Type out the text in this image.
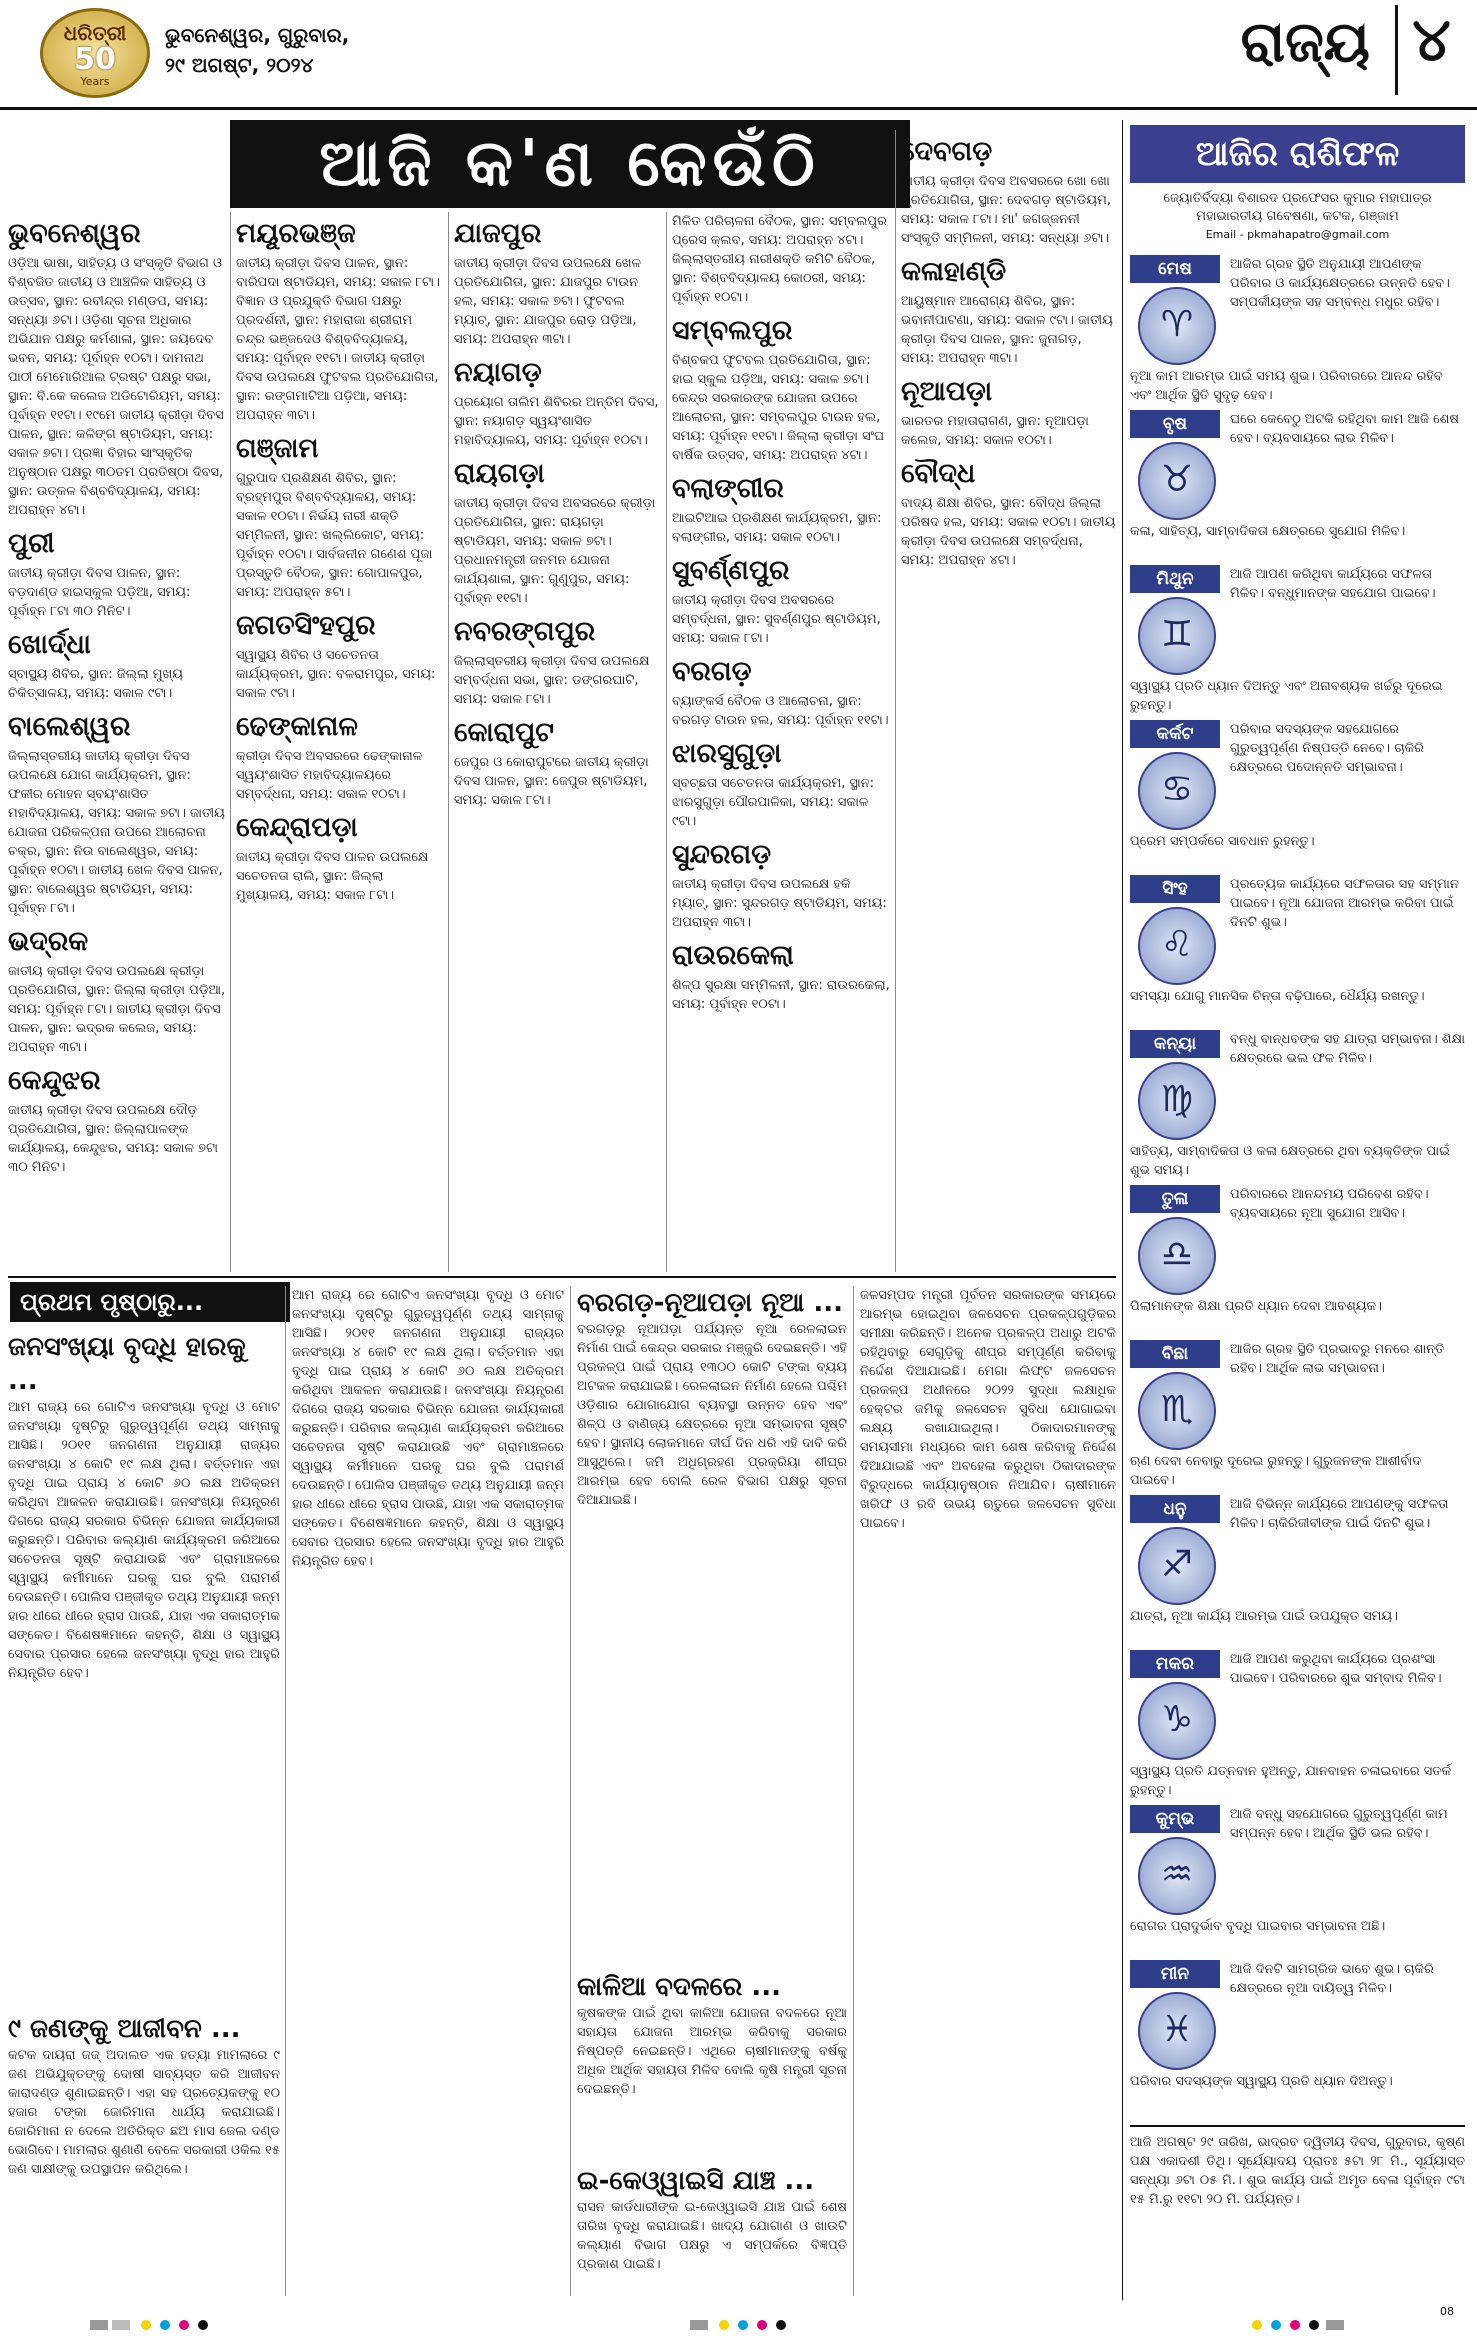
ଧରିତ୍ରୀ
50
Years
ଭୁବନେଶ୍ୱର, ଗୁରୁବାର,
୨୯ ଅଗଷ୍ଟ, ୨୦୨୪	ରାଜ୍ୟ ୪
ଆଜି କ'ଣ କେଉଁଠି
ଭୁବନେଶ୍ୱର

ଓଡ଼ିଆ ଭାଷା, ସାହିତ୍ୟ ଓ ସଂସ୍କୃତି ବିଭାଗ ଓ ବିଶ୍ବଜିତ ଜାତୀୟ ଓ ଆଞ୍ଚଳିକ ସାହିତ୍ୟ ଓ ଉତ୍ସବ, ସ୍ଥାନ: ରବୀନ୍ଦ୍ର ମଣ୍ଡପ, ସମୟ: ସନ୍ଧ୍ୟା ୬ଟା। ଓଡ଼ିଶା ସୂଚନା ଅଧିକାର ଅଭିଯାନ ପକ୍ଷରୁ କର୍ମଶାଳା, ସ୍ଥାନ: ଜୟଦେବ ଭବନ, ସମୟ: ପୂର୍ବାହ୍ନ ୧୦ଟା। ଦାମନାଥ ପାଠୀ ମେମୋରିଆଲ ଟ୍ରଷ୍ଟ ପକ୍ଷରୁ ସଭା, ସ୍ଥାନ: ବି.କେ କଲେଜ ଅଡିଟୋରିୟମ, ସମୟ: ପୂର୍ବାହ୍ନ ୧୧ଟା। ୧୯ମେ ଜାତୀୟ କ୍ରୀଡ଼ା ଦିବସ ପାଳନ, ସ୍ଥାନ: କଳିଙ୍ଗ ଷ୍ଟାଡିୟମ, ସମୟ: ସକାଳ ୭ଟା। ପ୍ରଜ୍ଞା ବିହାର ସାଂସ୍କୃତିକ ଅନୁଷ୍ଠାନ ପକ୍ଷରୁ ୩୦ତମ ପ୍ରତିଷ୍ଠା ଦିବସ, ସ୍ଥାନ: ଉତ୍କଳ ବିଶ୍ବବିଦ୍ୟାଳୟ, ସମୟ: ଅପରାହ୍ନ ୪ଟା।

ପୁରୀ

ଜାତୀୟ କ୍ରୀଡ଼ା ଦିବସ ପାଳନ, ସ୍ଥାନ: ବଡ଼ଦାଣ୍ଡ ହାଇସ୍କୁଲ ପଡ଼ିଆ, ସମୟ: ପୂର୍ବାହ୍ନ ୮ଟା ୩୦ ମିନିଟ।

ଖୋର୍ଦ୍ଧା

ସ୍ବାସ୍ଥ୍ୟ ଶିବିର, ସ୍ଥାନ: ଜିଲ୍ଲା ମୁଖ୍ୟ ଚିକିତ୍ସାଳୟ, ସମୟ: ସକାଳ ୯ଟା।

ବାଲେଶ୍ୱର

ଜିଲ୍ଲାସ୍ତରୀୟ ଜାତୀୟ କ୍ରୀଡ଼ା ଦିବସ ଉପଲକ୍ଷେ ଯୋଗ କାର୍ଯ୍ୟକ୍ରମ, ସ୍ଥାନ: ଫକୀର ମୋହନ ସ୍ବୟଂଶାସିତ ମହାବିଦ୍ୟାଳୟ, ସମୟ: ସକାଳ ୭ଟା। ଜାତୀୟ ଯୋଜନା ପରିକଳ୍ପନା ଉପରେ ଆଲୋଚନା ଚକ୍ର, ସ୍ଥାନ: ନିଉ ବାଲେଶ୍ୱର, ସମୟ: ପୂର୍ବାହ୍ନ ୧୦ଟା। ଜାତୀୟ ଖେଳ ଦିବସ ପାଳନ, ସ୍ଥାନ: ବାଲେଶ୍ୱର ଷ୍ଟାଡିୟମ, ସମୟ: ପୂର୍ବାହ୍ନ ୮ଟା।

ଭଦ୍ରକ

ଜାତୀୟ କ୍ରୀଡ଼ା ଦିବସ ଉପଲକ୍ଷେ କ୍ରୀଡ଼ା ପ୍ରତିଯୋଗିତା, ସ୍ଥାନ: ଜିଲ୍ଲା କ୍ରୀଡ଼ା ପଡ଼ିଆ, ସମୟ: ପୂର୍ବାହ୍ନ ୮ଟା। ଜାତୀୟ କ୍ରୀଡ଼ା ଦିବସ ପାଳନ, ସ୍ଥାନ: ଭଦ୍ରକ କଲେଜ, ସମୟ: ଅପରାହ୍ନ ୩ଟା।

କେନ୍ଦୁଝର

ଜାତୀୟ କ୍ରୀଡ଼ା ଦିବସ ଉପଲକ୍ଷେ ଦୌଡ଼ ପ୍ରତିଯୋଗିତା, ସ୍ଥାନ: ଜିଲ୍ଲାପାଳଙ୍କ କାର୍ଯ୍ୟାଳୟ, କେନ୍ଦୁଝର, ସମୟ: ସକାଳ ୭ଟା ୩୦ ମିନିଟ।

ମୟୂରଭଞ୍ଜ

ଜାତୀୟ କ୍ରୀଡ଼ା ଦିବସ ପାଳନ, ସ୍ଥାନ: ବାରିପଦା ଷ୍ଟାଡିୟମ, ସମୟ: ସକାଳ ୮ଟା। ବିଜ୍ଞାନ ଓ ପ୍ରଯୁକ୍ତି ବିଭାଗ ପକ୍ଷରୁ ପ୍ରଦର୍ଶନୀ, ସ୍ଥାନ: ମହାରାଜା ଶ୍ରୀରାମ ଚନ୍ଦ୍ର ଭଞ୍ଜଦେଓ ବିଶ୍ବବିଦ୍ୟାଳୟ, ସମୟ: ପୂର୍ବାହ୍ନ ୧୧ଟା। ଜାତୀୟ କ୍ରୀଡ଼ା ଦିବସ ଉପଲକ୍ଷେ ଫୁଟବଲ ପ୍ରତିଯୋଗିତା, ସ୍ଥାନ: ରଙ୍ଗମାଟିଆ ପଡ଼ିଆ, ସମୟ: ଅପରାହ୍ନ ୩ଟା।

ଗଞ୍ଜାମ

ଗୁରୁପାଦ ପ୍ରଶିକ୍ଷଣ ଶିବିର, ସ୍ଥାନ: ବ୍ରହ୍ମପୁର ବିଶ୍ବବିଦ୍ୟାଳୟ, ସମୟ: ସକାଳ ୧୦ଟା। ନିର୍ଭୟ ନାରୀ ଶକ୍ତି ସମ୍ମିଳନୀ, ସ୍ଥାନ: ଖଲ୍ଲିକୋଟ, ସମୟ: ପୂର୍ବାହ୍ନ ୧୦ଟା। ସାର୍ବଜନୀନ ଗଣେଶ ପୂଜା ପ୍ରସ୍ତୁତି ବୈଠକ, ସ୍ଥାନ: ଗୋପାଳପୁର, ସମୟ: ଅପରାହ୍ନ ୫ଟା।

ଜଗତସିଂହପୁର

ସ୍ୱାସ୍ଥ୍ୟ ଶିବିର ଓ ସଚେତନତା କାର୍ଯ୍ୟକ୍ରମ, ସ୍ଥାନ: ବଳରାମପୁର, ସମୟ: ସକାଳ ୯ଟା।

ଢେଙ୍କାନାଳ

କ୍ରୀଡ଼ା ଦିବସ ଅବସରରେ ଢେଙ୍କାନାଳ ସ୍ୱୟଂଶାସିତ ମହାବିଦ୍ୟାଳୟରେ ସମ୍ବର୍ଦ୍ଧନା, ସମୟ: ସକାଳ ୧୦ଟା।

କେନ୍ଦ୍ରାପଡ଼ା

ଜାତୀୟ କ୍ରୀଡ଼ା ଦିବସ ପାଳନ ଉପଲକ୍ଷେ ସଚେତନତା ରାଲି, ସ୍ଥାନ: ଜିଲ୍ଲା ମୁଖ୍ୟାଳୟ, ସମୟ: ସକାଳ ୮ଟା।

ଯାଜପୁର

ଜାତୀୟ କ୍ରୀଡ଼ା ଦିବସ ଉପଲକ୍ଷେ ଖେଳ ପ୍ରତିଯୋଗିତା, ସ୍ଥାନ: ଯାଜପୁର ଟାଉନ ହଲ, ସମୟ: ସକାଳ ୭ଟା। ଫୁଟବଲ ମ୍ୟାଚ୍, ସ୍ଥାନ: ଯାଜପୁର ରୋଡ଼ ପଡ଼ିଆ, ସମୟ: ଅପରାହ୍ନ ୩ଟା।

ନୟାଗଡ଼

ପ୍ରୟୋଗ ତାଲିମ ଶିବିରର ଅନ୍ତିମ ଦିବସ, ସ୍ଥାନ: ନୟାଗଡ଼ ସ୍ୱୟଂଶାସିତ ମହାବିଦ୍ୟାଳୟ, ସମୟ: ପୂର୍ବାହ୍ନ ୧୦ଟା।

ରାୟଗଡ଼ା

ଜାତୀୟ କ୍ରୀଡ଼ା ଦିବସ ଅବସରରେ କ୍ରୀଡ଼ା ପ୍ରତିଯୋଗିତା, ସ୍ଥାନ: ରାୟଗଡ଼ା ଷ୍ଟାଡିୟମ, ସମୟ: ସକାଳ ୭ଟା। ପ୍ରଧାନମନ୍ତ୍ରୀ ଜନମନ ଯୋଜନା କାର୍ଯ୍ୟଶାଳା, ସ୍ଥାନ: ଗୁଣୁପୁର, ସମୟ: ପୂର୍ବାହ୍ନ ୧୧ଟା।

ନବରଙ୍ଗପୁର

ଜିଲ୍ଲାସ୍ତରୀୟ କ୍ରୀଡ଼ା ଦିବସ ଉପଲକ୍ଷେ ସମ୍ବର୍ଦ୍ଧନା ସଭା, ସ୍ଥାନ: ଡଙ୍ଗରଘାଟି, ସମୟ: ସକାଳ ୮ଟା।

କୋରାପୁଟ

ଜେପୁର ଓ କୋରାପୁଟରେ ଜାତୀୟ କ୍ରୀଡ଼ା ଦିବସ ପାଳନ, ସ୍ଥାନ: ଜେପୁର ଷ୍ଟାଡିୟମ, ସମୟ: ସକାଳ ୮ଟା।

ମିଳିତ ପରିଚାଳନା ବୈଠକ, ସ୍ଥାନ: ସମ୍ବଲପୁର ପ୍ରେସ କ୍ଲବ, ସମୟ: ଅପରାହ୍ନ ୪ଟା। ଜିଲ୍ଲାସ୍ତରୀୟ ନାରୀଶକ୍ତି କମିଟି ବୈଠକ, ସ୍ଥାନ: ବିଶ୍ବବିଦ୍ୟାଳୟ କୋଠରୀ, ସମୟ: ପୂର୍ବାହ୍ନ ୧୦ଟା।

ସମ୍ବଲପୁର

ବିଶ୍ବକପ ଫୁଟବଲ ପ୍ରତିଯୋଗିତା, ସ୍ଥାନ: ହାଇ ସ୍କୁଲ ପଡ଼ିଆ, ସମୟ: ସକାଳ ୭ଟା। କେନ୍ଦ୍ର ସରକାରଙ୍କ ଯୋଜନା ଉପରେ ଆଲୋଚନା, ସ୍ଥାନ: ସମ୍ବଲପୁର ଟାଉନ ହଲ, ସମୟ: ପୂର୍ବାହ୍ନ ୧୧ଟା। ଜିଲ୍ଲା କ୍ରୀଡ଼ା ସଂଘ ବାର୍ଷିକ ଉତ୍ସବ, ସମୟ: ଅପରାହ୍ନ ୪ଟା।

ବଲାଙ୍ଗୀର

ଆଇଟିଆଇ ପ୍ରଶିକ୍ଷଣ କାର୍ଯ୍ୟକ୍ରମ, ସ୍ଥାନ: ବଲାଙ୍ଗୀର, ସମୟ: ସକାଳ ୧୦ଟା।

ସୁବର୍ଣ୍ଣପୁର

ଜାତୀୟ କ୍ରୀଡ଼ା ଦିବସ ଅବସରରେ ସମ୍ବର୍ଦ୍ଧନା, ସ୍ଥାନ: ସୁବର୍ଣ୍ଣପୁର ଷ୍ଟାଡିୟମ, ସମୟ: ସକାଳ ୮ଟା।

ବରଗଡ଼

ବ୍ୟାଙ୍କର୍ସ ବୈଠକ ଓ ଆଲୋଚନା, ସ୍ଥାନ: ବରଗଡ଼ ଟାଉନ ହଲ, ସମୟ: ପୂର୍ବାହ୍ନ ୧୧ଟା।

ଝାରସୁଗୁଡ଼ା

ସ୍ବଚ୍ଛତା ସଚେତନତା କାର୍ଯ୍ୟକ୍ରମ, ସ୍ଥାନ: ଝାରସୁଗୁଡ଼ା ପୌରପାଳିକା, ସମୟ: ସକାଳ ୯ଟା।

ସୁନ୍ଦରଗଡ଼

ଜାତୀୟ କ୍ରୀଡ଼ା ଦିବସ ଉପଲକ୍ଷେ ହକି ମ୍ୟାଚ୍, ସ୍ଥାନ: ସୁନ୍ଦରଗଡ଼ ଷ୍ଟାଡିୟମ, ସମୟ: ଅପରାହ୍ନ ୩ଟା।

ରାଉରକେଲା

ଶିଳ୍ପ ସୁରକ୍ଷା ସମ୍ମିଳନୀ, ସ୍ଥାନ: ରାଉରକେଲା, ସମୟ: ପୂର୍ବାହ୍ନ ୧୦ଟା।

ଦେବଗଡ଼

ଜାତୀୟ କ୍ରୀଡ଼ା ଦିବସ ଅବସରରେ ଖୋ ଖୋ ପ୍ରତିଯୋଗିତା, ସ୍ଥାନ: ଦେବଗଡ଼ ଷ୍ଟାଡିୟମ, ସମୟ: ସକାଳ ୮ଟା। ମା' ଜଗଜ୍ଜନନୀ ସଂସ୍କୃତି ସମ୍ମିଳନୀ, ସମୟ: ସନ୍ଧ୍ୟା ୬ଟା।

କଳାହାଣ୍ଡି

ଆୟୁଷ୍ମାନ ଆରୋଗ୍ୟ ଶିବିର, ସ୍ଥାନ: ଭବାନୀପାଟଣା, ସମୟ: ସକାଳ ୯ଟା। ଜାତୀୟ କ୍ରୀଡ଼ା ଦିବସ ପାଳନ, ସ୍ଥାନ: ଜୁନାଗଡ଼, ସମୟ: ଅପରାହ୍ନ ୩ଟା।

ନୂଆପଡ଼ା

ଭାରତର ମହାତାରାଗଣ, ସ୍ଥାନ: ନୂଆପଡ଼ା କଲେଜ, ସମୟ: ସକାଳ ୧୦ଟା।

ବୌଦ୍ଧ

ବାଦ୍ୟ ଶିକ୍ଷା ଶିବିର, ସ୍ଥାନ: ବୌଦ୍ଧ ଜିଲ୍ଲା ପରିଷଦ ହଲ, ସମୟ: ସକାଳ ୧୦ଟା। ଜାତୀୟ କ୍ରୀଡ଼ା ଦିବସ ଉପଲକ୍ଷେ ସମ୍ବର୍ଦ୍ଧନା, ସମୟ: ଅପରାହ୍ନ ୪ଟା।

ଆଜିର ରାଶିଫଳ
ଜ୍ୟୋତିର୍ବିଦ୍ୟା ବିଶାରଦ ପ୍ରଫେସର କୁମାର ମହାପାତ୍ର
ମହାଭାରତୀୟ ଗବେଷଣା, କଟକ, ଗଞ୍ଜାମ
Email - pkmahapatro@gmail.com
ମେଷ
♈
ଆଜିର ଗ୍ରହ ସ୍ଥିତି ଅନୁଯାୟୀ ଆପଣଙ୍କ ପରିବାର ଓ କାର୍ଯ୍ୟକ୍ଷେତ୍ରରେ ଉନ୍ନତି ହେବ। ସମ୍ପର୍କୀୟଙ୍କ ସହ ସମ୍ବନ୍ଧ ମଧୁର ରହିବ।
ନୂଆ କାମ ଆରମ୍ଭ ପାଇଁ ସମୟ ଶୁଭ। ପରିବାରରେ ଆନନ୍ଦ ରହିବ ଏବଂ ଆର୍ଥିକ ସ୍ଥିତି ସୁଦୃଢ଼ ହେବ।
ବୃଷ
♉
ଘରେ କେବେଠୁ ଅଟକି ରହିଥିବା କାମ ଆଜି ଶେଷ ହେବ। ବ୍ୟବସାୟରେ ଲାଭ ମିଳିବ।
କଳା, ସାହିତ୍ୟ, ସାମ୍ବାଦିକତା କ୍ଷେତ୍ରରେ ସୁଯୋଗ ମିଳିବ।
ମିଥୁନ
♊
ଆଜି ଆପଣ କରିଥିବା କାର୍ଯ୍ୟରେ ସଫଳତା ମିଳିବ। ବନ୍ଧୁମାନଙ୍କ ସହଯୋଗ ପାଇବେ।
ସ୍ୱାସ୍ଥ୍ୟ ପ୍ରତି ଧ୍ୟାନ ଦିଅନ୍ତୁ ଏବଂ ଅନାବଶ୍ୟକ ଖର୍ଚ୍ଚରୁ ଦୂରେଇ ରୁହନ୍ତୁ।
କର୍କଟ
♋
ପରିବାର ସଦସ୍ୟଙ୍କ ସହଯୋଗରେ ଗୁରୁତ୍ୱପୂର୍ଣ୍ଣ ନିଷ୍ପତ୍ତି ନେବେ। ଚାକିରି କ୍ଷେତ୍ରରେ ପଦୋନ୍ନତି ସମ୍ଭାବନା।
ପ୍ରେମ ସମ୍ପର୍କରେ ସାବଧାନ ରୁହନ୍ତୁ।
ସିଂହ
♌
ପ୍ରତ୍ୟେକ କାର୍ଯ୍ୟରେ ସଫଳତାର ସହ ସମ୍ମାନ ପାଇବେ। ନୂଆ ଯୋଜନା ଆରମ୍ଭ କରିବା ପାଇଁ ଦିନଟି ଶୁଭ।
ସମସ୍ୟା ଯୋଗୁ ମାନସିକ ଚିନ୍ତା ବଢ଼ିପାରେ, ଧୈର୍ଯ୍ୟ ରଖନ୍ତୁ।
କନ୍ୟା
♍
ବନ୍ଧୁ ବାନ୍ଧବଙ୍କ ସହ ଯାତ୍ରା ସମ୍ଭାବନା। ଶିକ୍ଷା କ୍ଷେତ୍ରରେ ଭଲ ଫଳ ମିଳିବ।
ସାହିତ୍ୟ, ସାମ୍ବାଦିକତା ଓ କଳା କ୍ଷେତ୍ରରେ ଥିବା ବ୍ୟକ୍ତିଙ୍କ ପାଇଁ ଶୁଭ ସମୟ।
ତୁଳା
♎
ପରିବାରରେ ଆନନ୍ଦମୟ ପରିବେଶ ରହିବ। ବ୍ୟବସାୟରେ ନୂଆ ସୁଯୋଗ ଆସିବ।
ପିଲାମାନଙ୍କ ଶିକ୍ଷା ପ୍ରତି ଧ୍ୟାନ ଦେବା ଆବଶ୍ୟକ।
ବିଛା
♏
ଆଜିର ଗ୍ରହ ସ୍ଥିତି ପ୍ରଭାବରୁ ମନରେ ଶାନ୍ତି ରହିବ। ଆର୍ଥିକ ଲାଭ ସମ୍ଭାବନା।
ଋଣ ଦେବା ନେବାରୁ ଦୂରେଇ ରୁହନ୍ତୁ। ଗୁରୁଜନଙ୍କ ଆଶୀର୍ବାଦ ପାଇବେ।
ଧନୁ
♐
ଆଜି ବିଭିନ୍ନ କାର୍ଯ୍ୟରେ ଆପଣଙ୍କୁ ସଫଳତା ମିଳିବ। ଚାକିରିଜୀବୀଙ୍କ ପାଇଁ ଦିନଟି ଶୁଭ।
ଯାତ୍ରା, ନୂଆ କାର୍ଯ୍ୟ ଆରମ୍ଭ ପାଇଁ ଉପଯୁକ୍ତ ସମୟ।
ମକର
♑
ଆଜି ଆପଣ କରୁଥିବା କାର୍ଯ୍ୟରେ ପ୍ରଶଂସା ପାଇବେ। ପରିବାରରେ ଶୁଭ ସମ୍ବାଦ ମିଳିବ।
ସ୍ୱାସ୍ଥ୍ୟ ପ୍ରତି ଯତ୍ନବାନ ହୁଅନ୍ତୁ, ଯାନବାହନ ଚଳାଇବାରେ ସତର୍କ ରୁହନ୍ତୁ।
କୁମ୍ଭ
♒
ଆଜି ବନ୍ଧୁ ସହଯୋଗରେ ଗୁରୁତ୍ୱପୂର୍ଣ୍ଣ କାମ ସମ୍ପନ୍ନ ହେବ। ଆର୍ଥିକ ସ୍ଥିତି ଭଲ ରହିବ।
ରୋଗର ପ୍ରାଦୁର୍ଭାବ ବୃଦ୍ଧି ପାଇବାର ସମ୍ଭାବନା ଅଛି।
ମୀନ
♓
ଆଜି ଦିନଟି ସାମଗ୍ରିକ ଭାବେ ଶୁଭ। ଚାକିରି କ୍ଷେତ୍ରରେ ନୂଆ ଦାୟିତ୍ୱ ମିଳିବ।
ପରିବାର ସଦସ୍ୟଙ୍କ ସ୍ୱାସ୍ଥ୍ୟ ପ୍ରତି ଧ୍ୟାନ ଦିଅନ୍ତୁ।
ଆଜି ଅଗଷ୍ଟ ୨୯ ତାରିଖ, ଭାଦ୍ରବ ଦ୍ୱିତୀୟ ଦିବସ, ଗୁରୁବାର, କୃଷ୍ଣ ପକ୍ଷ ଏକାଦଶୀ ତିଥି। ସୂର୍ଯ୍ୟୋଦୟ ପ୍ରାତଃ ୫ଟା ୨୮ ମି., ସୂର୍ଯ୍ୟାସ୍ତ ସନ୍ଧ୍ୟା ୬ଟା ୦୫ ମି.। ଶୁଭ କାର୍ଯ୍ୟ ପାଇଁ ଅମୃତ ବେଳା ପୂର୍ବାହ୍ନ ୯ଟା ୧୫ ମି.ରୁ ୧୧ଟା ୨୦ ମି. ପର୍ଯ୍ୟନ୍ତ।
ପ୍ରଥମ ପୃଷ୍ଠାରୁ...
ଜନସଂଖ୍ୟା ବୃଦ୍ଧି ହାରକୁ ...
ଆମ ରାଜ୍ୟ ରେ ଗୋଟିଏ ଜନସଂଖ୍ୟା ବୃଦ୍ଧି ଓ ମୋଟ ଜନସଂଖ୍ୟା ଦୃଷ୍ଟିରୁ ଗୁରୁତ୍ୱପୂର୍ଣ୍ଣ ତଥ୍ୟ ସାମ୍ନାକୁ ଆସିଛି। ୨୦୧୧ ଜନଗଣନା ଅନୁଯାୟୀ ରାଜ୍ୟର ଜନସଂଖ୍ୟା ୪ କୋଟି ୧୯ ଲକ୍ଷ ଥିଲା। ବର୍ତ୍ତମାନ ଏହା ବୃଦ୍ଧି ପାଇ ପ୍ରାୟ ୪ କୋଟି ୬୦ ଲକ୍ଷ ଅତିକ୍ରମ କରିଥିବା ଆକଳନ କରାଯାଉଛି। ଜନସଂଖ୍ୟା ନିୟନ୍ତ୍ରଣ ଦିଗରେ ରାଜ୍ୟ ସରକାର ବିଭିନ୍ନ ଯୋଜନା କାର୍ଯ୍ୟକାରୀ କରୁଛନ୍ତି। ପରିବାର କଲ୍ୟାଣ କାର୍ଯ୍ୟକ୍ରମ ଜରିଆରେ ସଚେତନତା ସୃଷ୍ଟି କରାଯାଉଛି ଏବଂ ଗ୍ରାମାଞ୍ଚଳରେ ସ୍ୱାସ୍ଥ୍ୟ କର୍ମୀମାନେ ଘରକୁ ଘର ବୁଲି ପରାମର୍ଶ ଦେଉଛନ୍ତି। ପୋଲିସ ପଞ୍ଜୀକୃତ ତଥ୍ୟ ଅନୁଯାୟୀ ଜନ୍ମ ହାର ଧୀରେ ଧୀରେ ହ୍ରାସ ପାଉଛି, ଯାହା ଏକ ସକାରାତ୍ମକ ସଙ୍କେତ। ବିଶେଷଜ୍ଞମାନେ କହନ୍ତି, ଶିକ୍ଷା ଓ ସ୍ୱାସ୍ଥ୍ୟ ସେବାର ପ୍ରସାର ହେଲେ ଜନସଂଖ୍ୟା ବୃଦ୍ଧି ହାର ଆହୁରି ନିୟନ୍ତ୍ରିତ ହେବ।
୯ ଜଣଙ୍କୁ ଆଜୀବନ ...
କଟକ ଦାୟରା ଜଜ୍ ଅଦାଲତ ଏକ ହତ୍ୟା ମାମଲାରେ ୯ ଜଣ ଅଭିଯୁକ୍ତଙ୍କୁ ଦୋଷୀ ସାବ୍ୟସ୍ତ କରି ଆଜୀବନ କାରାଦଣ୍ଡ ଶୁଣାଇଛନ୍ତି। ଏହା ସହ ପ୍ରତ୍ୟେକଙ୍କୁ ୧୦ ହଜାର ଟଙ୍କା ଜୋରିମାନା ଧାର୍ଯ୍ୟ କରାଯାଇଛି। ଜୋରିମାନା ନ ଦେଲେ ଅତିରିକ୍ତ ଛଅ ମାସ ଜେଲ ଦଣ୍ଡ ଭୋଗିବେ। ମାମଲାର ଶୁଣାଣି ବେଳେ ସରକାରୀ ଓକିଲ ୧୫ ଜଣ ସାକ୍ଷୀଙ୍କୁ ଉପସ୍ଥାପନ କରିଥିଲେ।
ଆମ ରାଜ୍ୟ ରେ ଗୋଟିଏ ଜନସଂଖ୍ୟା ବୃଦ୍ଧି ଓ ମୋଟ ଜନସଂଖ୍ୟା ଦୃଷ୍ଟିରୁ ଗୁରୁତ୍ୱପୂର୍ଣ୍ଣ ତଥ୍ୟ ସାମ୍ନାକୁ ଆସିଛି। ୨୦୧୧ ଜନଗଣନା ଅନୁଯାୟୀ ରାଜ୍ୟର ଜନସଂଖ୍ୟା ୪ କୋଟି ୧୯ ଲକ୍ଷ ଥିଲା। ବର୍ତ୍ତମାନ ଏହା ବୃଦ୍ଧି ପାଇ ପ୍ରାୟ ୪ କୋଟି ୬୦ ଲକ୍ଷ ଅତିକ୍ରମ କରିଥିବା ଆକଳନ କରାଯାଉଛି। ଜନସଂଖ୍ୟା ନିୟନ୍ତ୍ରଣ ଦିଗରେ ରାଜ୍ୟ ସରକାର ବିଭିନ୍ନ ଯୋଜନା କାର୍ଯ୍ୟକାରୀ କରୁଛନ୍ତି। ପରିବାର କଲ୍ୟାଣ କାର୍ଯ୍ୟକ୍ରମ ଜରିଆରେ ସଚେତନତା ସୃଷ୍ଟି କରାଯାଉଛି ଏବଂ ଗ୍ରାମାଞ୍ଚଳରେ ସ୍ୱାସ୍ଥ୍ୟ କର୍ମୀମାନେ ଘରକୁ ଘର ବୁଲି ପରାମର୍ଶ ଦେଉଛନ୍ତି। ପୋଲିସ ପଞ୍ଜୀକୃତ ତଥ୍ୟ ଅନୁଯାୟୀ ଜନ୍ମ ହାର ଧୀରେ ଧୀରେ ହ୍ରାସ ପାଉଛି, ଯାହା ଏକ ସକାରାତ୍ମକ ସଙ୍କେତ। ବିଶେଷଜ୍ଞମାନେ କହନ୍ତି, ଶିକ୍ଷା ଓ ସ୍ୱାସ୍ଥ୍ୟ ସେବାର ପ୍ରସାର ହେଲେ ଜନସଂଖ୍ୟା ବୃଦ୍ଧି ହାର ଆହୁରି ନିୟନ୍ତ୍ରିତ ହେବ।
ବରଗଡ଼-ନୂଆପଡ଼ା ନୂଆ ...
ବରଗଡ଼ରୁ ନୂଆପଡ଼ା ପର୍ଯ୍ୟନ୍ତ ନୂଆ ରେଳଲାଇନ ନିର୍ମାଣ ପାଇଁ କେନ୍ଦ୍ର ସରକାର ମଞ୍ଜୁରି ଦେଇଛନ୍ତି। ଏହି ପ୍ରକଳ୍ପ ପାଇଁ ପ୍ରାୟ ୧୩୦୦ କୋଟି ଟଙ୍କା ବ୍ୟୟ ଅଟକଳ କରାଯାଇଛି। ରେଳଲାଇନ ନିର୍ମାଣ ହେଲେ ପଶ୍ଚିମ ଓଡ଼ିଶାର ଯୋଗାଯୋଗ ବ୍ୟବସ୍ଥା ଉନ୍ନତ ହେବ ଏବଂ ଶିଳ୍ପ ଓ ବାଣିଜ୍ୟ କ୍ଷେତ୍ରରେ ନୂଆ ସମ୍ଭାବନା ସୃଷ୍ଟି ହେବ। ସ୍ଥାନୀୟ ଲୋକମାନେ ଦୀର୍ଘ ଦିନ ଧରି ଏହି ଦାବି କରି ଆସୁଥିଲେ। ଜମି ଅଧିଗ୍ରହଣ ପ୍ରକ୍ରିୟା ଶୀଘ୍ର ଆରମ୍ଭ ହେବ ବୋଲି ରେଳ ବିଭାଗ ପକ୍ଷରୁ ସୂଚନା ଦିଆଯାଇଛି।
କାଳିଆ ବଦଳରେ ...
କୃଷକଙ୍କ ପାଇଁ ଥିବା କାଳିଆ ଯୋଜନା ବଦଳରେ ନୂଆ ସହାୟତା ଯୋଜନା ଆରମ୍ଭ କରିବାକୁ ସରକାର ନିଷ୍ପତ୍ତି ନେଇଛନ୍ତି। ଏଥିରେ ଚାଷୀମାନଙ୍କୁ ବର୍ଷକୁ ଅଧିକ ଆର୍ଥିକ ସହାୟତା ମିଳିବ ବୋଲି କୃଷି ମନ୍ତ୍ରୀ ସୂଚନା ଦେଇଛନ୍ତି।
ଇ-କେଓ୍ୱାଇସି ଯାଞ୍ଚ ...
ରାସନ କାର୍ଡଧାରୀଙ୍କ ଇ-କେଓ୍ୱାଇସି ଯାଞ୍ଚ ପାଇଁ ଶେଷ ତାରିଖ ବୃଦ୍ଧି କରାଯାଇଛି। ଖାଦ୍ୟ ଯୋଗାଣ ଓ ଖାଉଟି କଲ୍ୟାଣ ବିଭାଗ ପକ୍ଷରୁ ଏ ସମ୍ପର୍କରେ ବିଜ୍ଞପ୍ତି ପ୍ରକାଶ ପାଇଛି।
ଜଳସମ୍ପଦ ମନ୍ତ୍ରୀ ପୂର୍ବତନ ସରକାରଙ୍କ ସମୟରେ ଆରମ୍ଭ ହୋଇଥିବା ଜଳସେଚନ ପ୍ରକଳ୍ପଗୁଡ଼ିକର ସମୀକ୍ଷା କରିଛନ୍ତି। ଅନେକ ପ୍ରକଳ୍ପ ଅଧାରୁ ଅଟକି ରହିଥିବାରୁ ସେଗୁଡ଼ିକୁ ଶୀଘ୍ର ସମ୍ପୂର୍ଣ୍ଣ କରିବାକୁ ନିର୍ଦ୍ଦେଶ ଦିଆଯାଇଛି। ମେଗା ଲିଫ୍ଟ ଜଳସେଚନ ପ୍ରକଳ୍ପ ଅଧୀନରେ ୨୦୨୨ ସୁଦ୍ଧା ଲକ୍ଷାଧିକ ହେକ୍ଟର ଜମିକୁ ଜଳସେଚନ ସୁବିଧା ଯୋଗାଇବା ଲକ୍ଷ୍ୟ ରଖାଯାଇଥିଲା। ଠିକାଦାରମାନଙ୍କୁ ସମୟସୀମା ମଧ୍ୟରେ କାମ ଶେଷ କରିବାକୁ ନିର୍ଦ୍ଦେଶ ଦିଆଯାଇଛି ଏବଂ ଅବହେଳା କରୁଥିବା ଠିକାଦାରଙ୍କ ବିରୁଦ୍ଧରେ କାର୍ଯ୍ୟାନୁଷ୍ଠାନ ନିଆଯିବ। ଚାଷୀମାନେ ଖରିଫ ଓ ରବି ଉଭୟ ଋତୁରେ ଜଳସେଚନ ସୁବିଧା ପାଇବେ।

08
